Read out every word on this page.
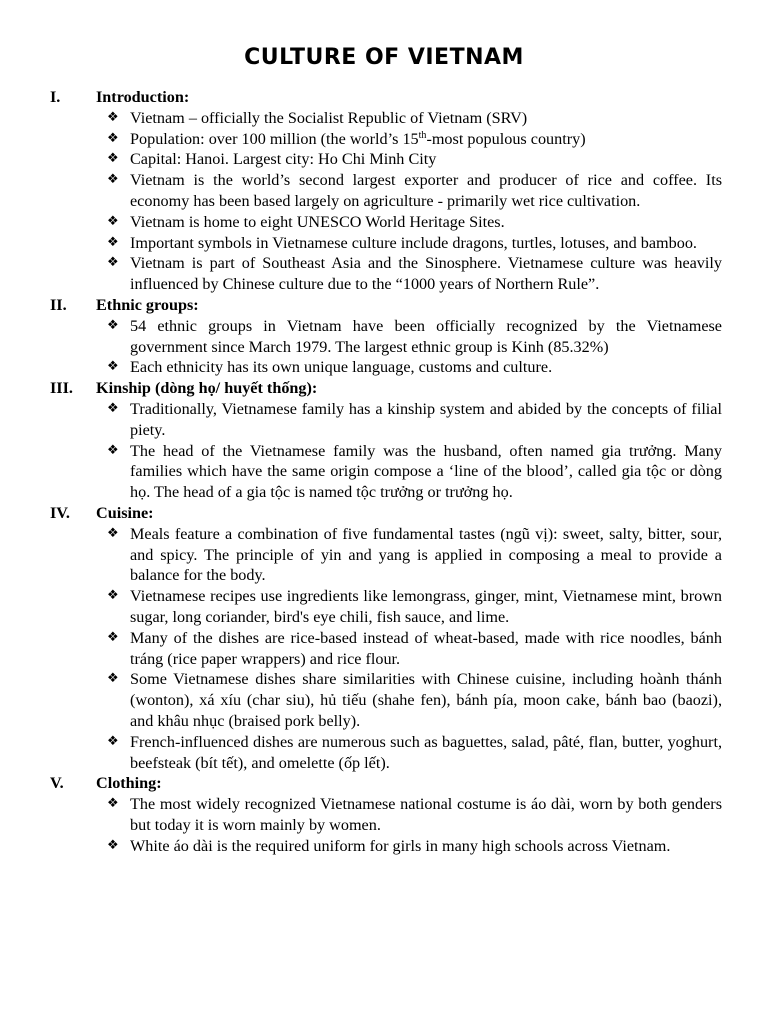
CULTURE OF VIETNAM
I. Introduction:
❖ Vietnam – officially the Socialist Republic of Vietnam (SRV)
❖ Population: over 100 million (the world’s 15th-most populous country)
❖ Capital: Hanoi. Largest city: Ho Chi Minh City
❖ Vietnam is the world’s second largest exporter and producer of rice and coffee. Its economy has been based largely on agriculture - primarily wet rice cultivation.
❖ Vietnam is home to eight UNESCO World Heritage Sites.
❖ Important symbols in Vietnamese culture include dragons, turtles, lotuses, and bamboo.
❖ Vietnam is part of Southeast Asia and the Sinosphere. Vietnamese culture was heavily influenced by Chinese culture due to the “1000 years of Northern Rule”.
II. Ethnic groups:
❖ 54 ethnic groups in Vietnam have been officially recognized by the Vietnamese government since March 1979. The largest ethnic group is Kinh (85.32%)
❖ Each ethnicity has its own unique language, customs and culture.
III. Kinship (dòng họ/ huyết thống):
❖ Traditionally, Vietnamese family has a kinship system and abided by the concepts of filial piety.
❖ The head of the Vietnamese family was the husband, often named gia trưởng. Many families which have the same origin compose a ‘line of the blood’, called gia tộc or dòng họ. The head of a gia tộc is named tộc trưởng or trưởng họ.
IV. Cuisine:
❖ Meals feature a combination of five fundamental tastes (ngũ vị): sweet, salty, bitter, sour, and spicy. The principle of yin and yang is applied in composing a meal to provide a balance for the body.
❖ Vietnamese recipes use ingredients like lemongrass, ginger, mint, Vietnamese mint, brown sugar, long coriander, bird's eye chili, fish sauce, and lime.
❖ Many of the dishes are rice-based instead of wheat-based, made with rice noodles, bánh tráng (rice paper wrappers) and rice flour.
❖ Some Vietnamese dishes share similarities with Chinese cuisine, including hoành thánh (wonton), xá xíu (char siu), hủ tiếu (shahe fen), bánh pía, moon cake, bánh bao (baozi), and khâu nhục (braised pork belly).
❖ French-influenced dishes are numerous such as baguettes, salad, pâté, flan, butter, yoghurt, beefsteak (bít tết), and omelette (ốp lết).
V. Clothing:
❖ The most widely recognized Vietnamese national costume is áo dài, worn by both genders but today it is worn mainly by women.
❖ White áo dài is the required uniform for girls in many high schools across Vietnam.
